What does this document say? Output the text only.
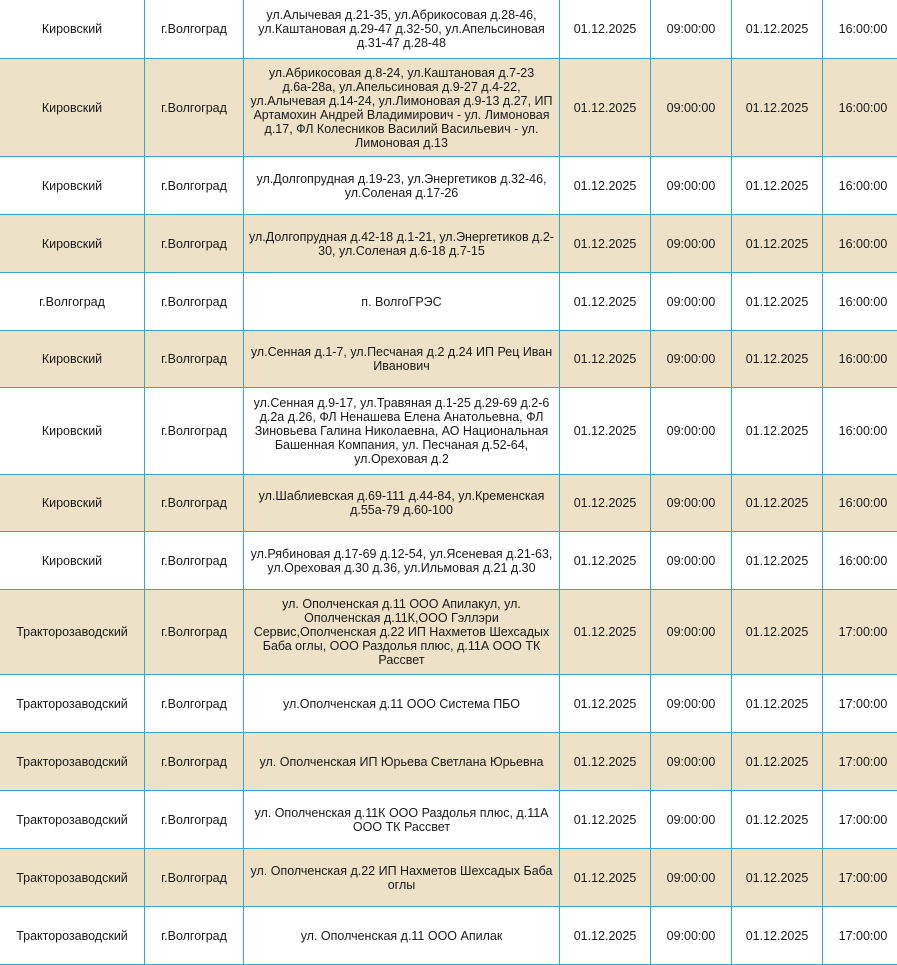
Кировский	г.Волгоград	ул.Алычевая д.21-35, ул.Абрикосовая д.28-46, ул.Каштановая д.29-47 д.32-50, ул.Апельсиновая д.31-47 д.28-48	01.12.2025	09:00:00	01.12.2025	16:00:00
Кировский	г.Волгоград	ул.Абрикосовая д.8-24, ул.Каштановая д.7-23 д.6а-28а, ул.Апельсиновая д.9-27 д.4-22, ул.Алычевая д.14-24, ул.Лимоновая д.9-13 д.27, ИП Артамохин Андрей Владимирович - ул. Лимоновая д.17, ФЛ Колесников Василий Васильевич - ул. Лимоновая д.13	01.12.2025	09:00:00	01.12.2025	16:00:00
Кировский	г.Волгоград	ул.Долгопрудная д.19-23, ул.Энергетиков д.32-46, ул.Соленая д.17-26	01.12.2025	09:00:00	01.12.2025	16:00:00
Кировский	г.Волгоград	ул.Долгопрудная д.42-18 д.1-21, ул.Энергетиков д.2-30, ул.Соленая д.6-18 д.7-15	01.12.2025	09:00:00	01.12.2025	16:00:00
г.Волгоград	г.Волгоград	п. ВолгоГРЭС	01.12.2025	09:00:00	01.12.2025	16:00:00
Кировский	г.Волгоград	ул.Сенная д.1-7, ул.Песчаная д.2 д.24 ИП Рец Иван Иванович	01.12.2025	09:00:00	01.12.2025	16:00:00
Кировский	г.Волгоград	ул.Сенная д.9-17, ул.Травяная д.1-25 д.29-69 д.2-6 д.2а д.26, ФЛ Ненашева Елена Анатольевна, ФЛ Зиновьева Галина Николаевна, АО Национальная Башенная Компания, ул. Песчаная д.52-64, ул.Ореховая д.2	01.12.2025	09:00:00	01.12.2025	16:00:00
Кировский	г.Волгоград	ул.Шаблиевская д.69-111 д.44-84, ул.Кременская д.55а-79 д.60-100	01.12.2025	09:00:00	01.12.2025	16:00:00
Кировский	г.Волгоград	ул.Рябиновая д.17-69 д.12-54, ул.Ясеневая д.21-63, ул.Ореховая д.30 д.36, ул.Ильмовая д.21 д.30	01.12.2025	09:00:00	01.12.2025	16:00:00
Тракторозаводский	г.Волгоград	ул. Ополченская д.11 ООО Апилакул, ул. Ополченская д.11К,ООО Гэллэри Сервис,Ополченская д.22 ИП Нахметов Шехсадых Баба оглы, ООО Раздолья плюс, д.11А ООО ТК Рассвет	01.12.2025	09:00:00	01.12.2025	17:00:00
Тракторозаводский	г.Волгоград	ул.Ополченская д.11 ООО Система ПБО	01.12.2025	09:00:00	01.12.2025	17:00:00
Тракторозаводский	г.Волгоград	ул. Ополченская ИП Юрьева Светлана Юрьевна	01.12.2025	09:00:00	01.12.2025	17:00:00
Тракторозаводский	г.Волгоград	ул. Ополченская д.11К ООО Раздолья плюс, д.11А ООО ТК Рассвет	01.12.2025	09:00:00	01.12.2025	17:00:00
Тракторозаводский	г.Волгоград	ул. Ополченская д.22 ИП Нахметов Шехсадых Баба оглы	01.12.2025	09:00:00	01.12.2025	17:00:00
Тракторозаводский	г.Волгоград	ул. Ополченская д.11 ООО Апилак	01.12.2025	09:00:00	01.12.2025	17:00:00
